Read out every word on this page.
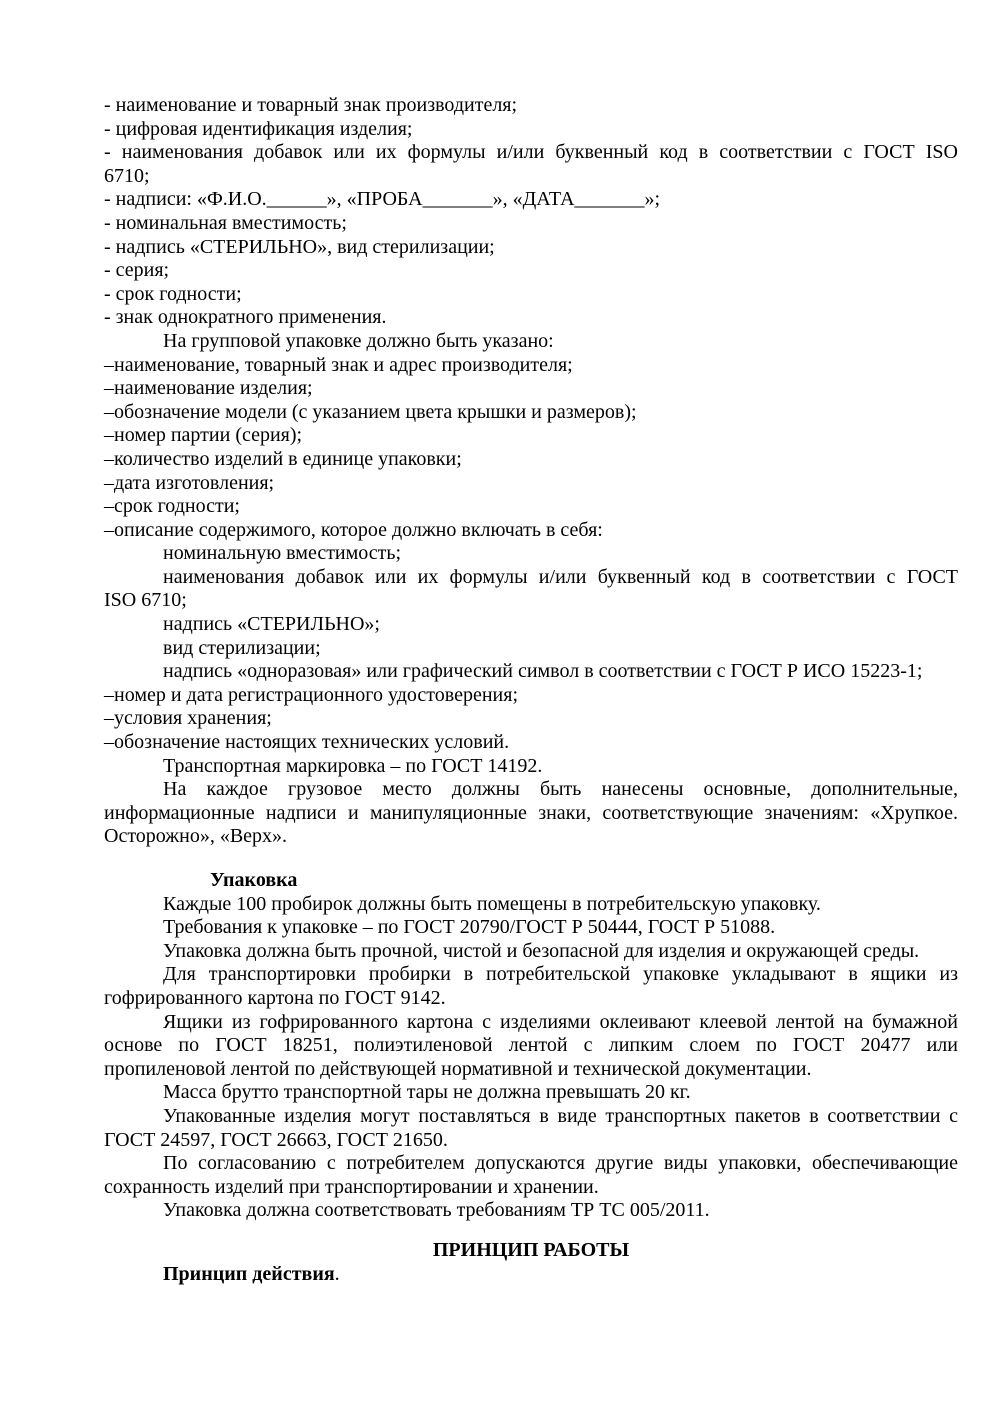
- наименование и товарный знак производителя;
- цифровая идентификация изделия;
- наименования добавок или их формулы и/или буквенный код в соответствии с ГОСТ ISO
6710;
- надписи: «Ф.И.О.______», «ПРОБА_______», «ДАТА_______»;
- номинальная вместимость;
- надпись «СТЕРИЛЬНО», вид стерилизации;
- серия;
- срок годности;
- знак однократного применения.
На групповой упаковке должно быть указано:
–наименование, товарный знак и адрес производителя;
–наименование изделия;
–обозначение модели (с указанием цвета крышки и размеров);
–номер партии (серия);
–количество изделий в единице упаковки;
–дата изготовления;
–срок годности;
–описание содержимого, которое должно включать в себя:
номинальную вместимость;
наименования добавок или их формулы и/или буквенный код в соответствии с ГОСТ
ISO 6710;
надпись «СТЕРИЛЬНО»;
вид стерилизации;
надпись «одноразовая» или графический символ в соответствии с ГОСТ Р ИСО 15223-1;
–номер и дата регистрационного удостоверения;
–условия хранения;
–обозначение настоящих технических условий.
Транспортная маркировка – по ГОСТ 14192.
На каждое грузовое место должны быть нанесены основные, дополнительные,
информационные надписи и манипуляционные знаки, соответствующие значениям: «Хрупкое.
Осторожно», «Верх».
Упаковка
Каждые 100 пробирок должны быть помещены в потребительскую упаковку.
Требования к упаковке – по ГОСТ 20790/ГОСТ Р 50444, ГОСТ Р 51088.
Упаковка должна быть прочной, чистой и безопасной для изделия и окружающей среды.
Для транспортировки пробирки в потребительской упаковке укладывают в ящики из
гофрированного картона по ГОСТ 9142.
Ящики из гофрированного картона с изделиями оклеивают клеевой лентой на бумажной
основе по ГОСТ 18251, полиэтиленовой лентой с липким слоем по ГОСТ 20477 или
пропиленовой лентой по действующей нормативной и технической документации.
Масса брутто транспортной тары не должна превышать 20 кг.
Упакованные изделия могут поставляться в виде транспортных пакетов в соответствии с
ГОСТ 24597, ГОСТ 26663, ГОСТ 21650.
По согласованию с потребителем допускаются другие виды упаковки, обеспечивающие
сохранность изделий при транспортировании и хранении.
Упаковка должна соответствовать требованиям ТР ТС 005/2011.
ПРИНЦИП РАБОТЫ
Принцип действия.
